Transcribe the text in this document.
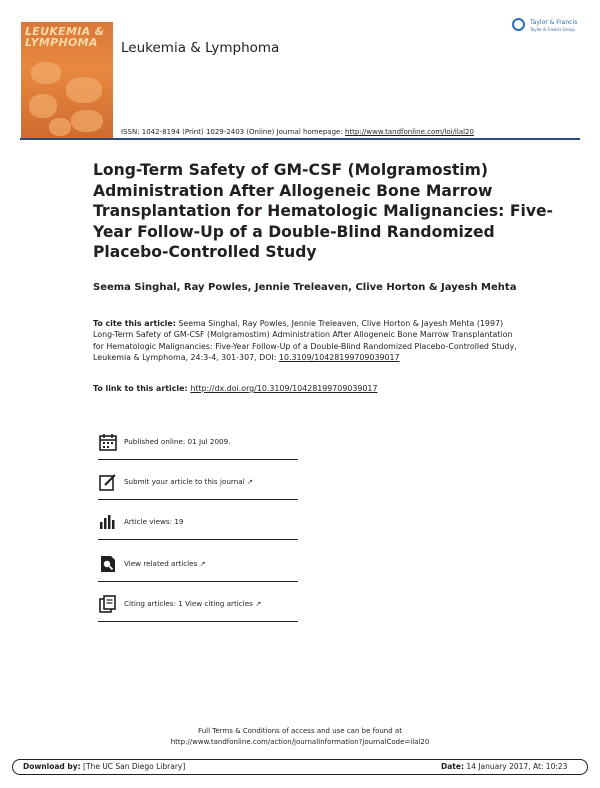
LEUKEMIA & LYMPHOMA	Leukemia & Lymphoma
Taylor & Francis
Taylor & Francis Group
ISSN: 1042-8194 (Print) 1029-2403 (Online) Journal homepage: http://www.tandfonline.com/loi/ilal20
Long-Term Safety of GM-CSF (Molgramostim) Administration After Allogeneic Bone Marrow Transplantation for Hematologic Malignancies: Five-Year Follow-Up of a Double-Blind Randomized Placebo-Controlled Study
Seema Singhal, Ray Powles, Jennie Treleaven, Clive Horton & Jayesh Mehta
To cite this article: Seema Singhal, Ray Powles, Jennie Treleaven, Clive Horton & Jayesh Mehta (1997) Long-Term Safety of GM-CSF (Molgramostim) Administration After Allogeneic Bone Marrow Transplantation for Hematologic Malignancies: Five-Year Follow-Up of a Double-Blind Randomized Placebo-Controlled Study, Leukemia & Lymphoma, 24:3-4, 301-307, DOI: 10.3109/10428199709039017
To link to this article: http://dx.doi.org/10.3109/10428199709039017
Published online: 01 Jul 2009.
Submit your article to this journal ↗
Article views: 19
View related articles ↗
Citing articles: 1 View citing articles ↗
Full Terms & Conditions of access and use can be found at
http://www.tandfonline.com/action/journalInformation?journalCode=ilal20
Download by: [The UC San Diego Library]	Date: 14 January 2017, At: 10:23
